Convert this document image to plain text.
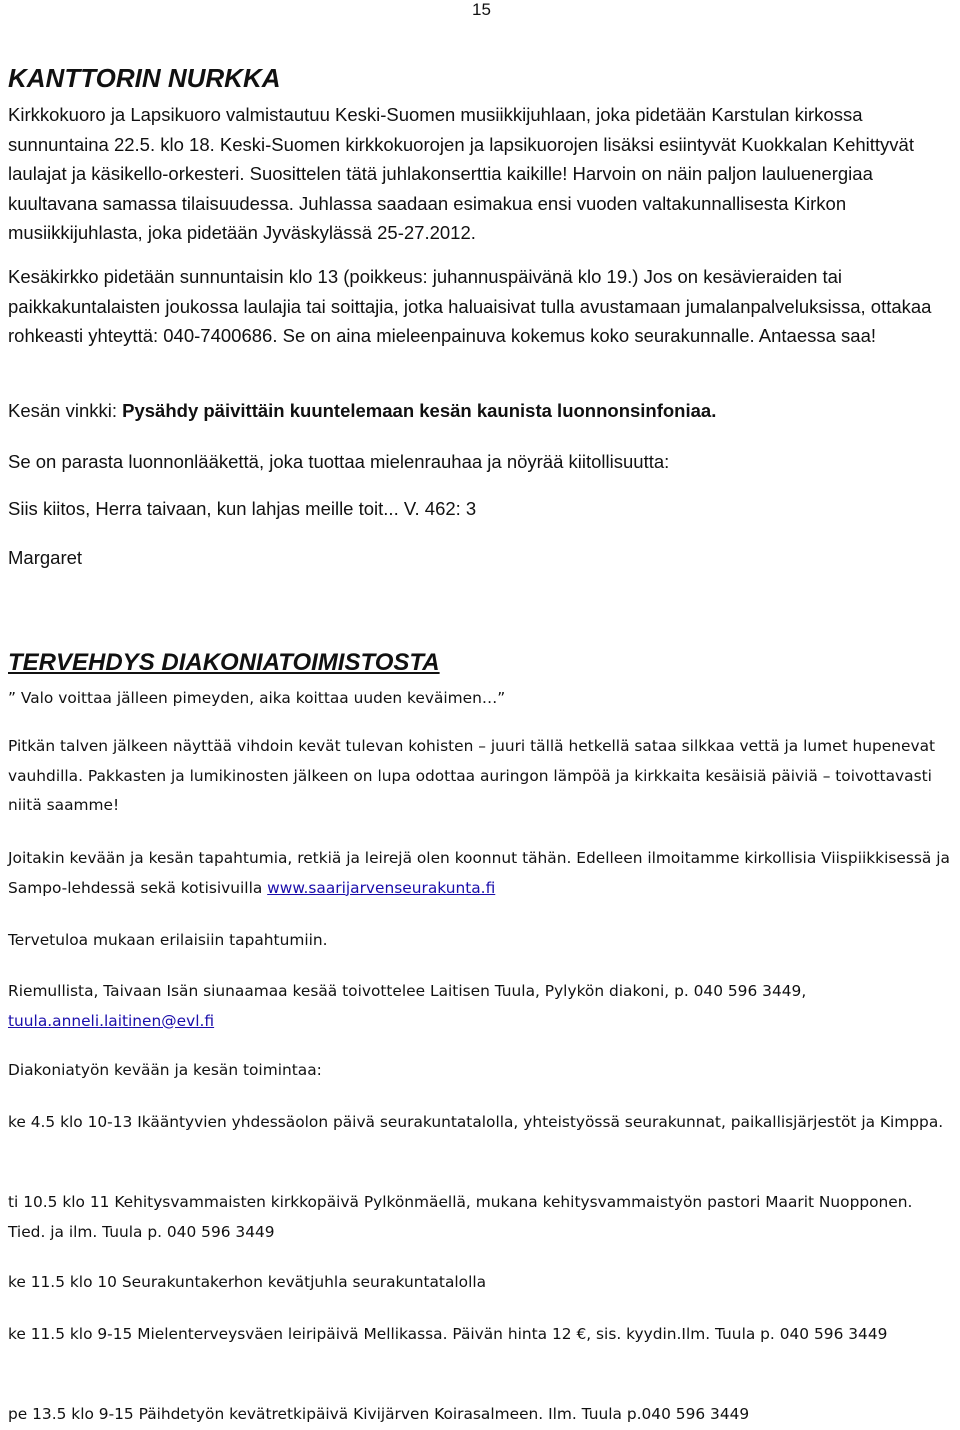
15
KANTTORIN NURKKA

Kirkkokuoro ja Lapsikuoro valmistautuu Keski-Suomen musiikkijuhlaan, joka pidetään Karstulan kirkossa sunnuntaina 22.5. klo 18. Keski-Suomen kirkkokuorojen ja lapsikuorojen lisäksi esiintyvät Kuokkalan Kehittyvät laulajat ja käsikello-orkesteri. Suosittelen tätä juhlakonserttia kaikille! Harvoin on näin paljon lauluenergiaa kuultavana samassa tilaisuudessa. Juhlassa saadaan esimakua ensi vuoden valtakunnallisesta Kirkon musiikkijuhlasta, joka pidetään Jyväskylässä 25-27.2012.

Kesäkirkko pidetään sunnuntaisin klo 13 (poikkeus: juhannuspäivänä klo 19.) Jos on kesävieraiden tai paikkakuntalaisten joukossa laulajia tai soittajia, jotka haluaisivat tulla avustamaan jumalanpalveluksissa, ottakaa rohkeasti yhteyttä: 040-7400686. Se on aina mieleenpainuva kokemus koko seurakunnalle. Antaessa saa!

Kesän vinkki: Pysähdy päivittäin kuuntelemaan kesän kaunista luonnonsinfoniaa.

Se on parasta luonnonlääkettä, joka tuottaa mielenrauhaa ja nöyrää kiitollisuutta:

Siis kiitos, Herra taivaan, kun lahjas meille toit... V. 462: 3

Margaret

TERVEHDYS DIAKONIATOIMISTOSTA

” Valo voittaa jälleen pimeyden, aika koittaa uuden keväimen…”

Pitkän talven jälkeen näyttää vihdoin kevät tulevan kohisten – juuri tällä hetkellä sataa silkkaa vettä ja lumet hupenevat vauhdilla. Pakkasten ja lumikinosten jälkeen on lupa odottaa auringon lämpöä ja kirkkaita kesäisiä päiviä – toivottavasti niitä saamme!

Joitakin kevään ja kesän tapahtumia, retkiä ja leirejä olen koonnut tähän. Edelleen ilmoitamme kirkollisia Viispiikkisessä ja Sampo-lehdessä sekä kotisivuilla www.saarijarvenseurakunta.fi

Tervetuloa mukaan erilaisiin tapahtumiin.

Riemullista, Taivaan Isän siunaamaa kesää toivottelee Laitisen Tuula, Pylykön diakoni, p. 040 596 3449, tuula.anneli.laitinen@evl.fi

Diakoniatyön kevään ja kesän toimintaa:

ke 4.5 klo 10-13 Ikääntyvien yhdessäolon päivä seurakuntatalolla, yhteistyössä seurakunnat, paikallisjärjestöt ja Kimppa.

ti 10.5 klo 11 Kehitysvammaisten kirkkopäivä Pylkönmäellä, mukana kehitysvammaistyön pastori Maarit Nuopponen. Tied. ja ilm. Tuula p. 040 596 3449

ke 11.5 klo 10 Seurakuntakerhon kevätjuhla seurakuntatalolla

ke 11.5 klo 9-15 Mielenterveysväen leiripäivä Mellikassa. Päivän hinta 12 €, sis. kyydin.Ilm. Tuula p. 040 596 3449

pe 13.5 klo 9-15 Päihdetyön kevätretkipäivä Kivijärven Koirasalmeen. Ilm. Tuula p.040 596 3449
